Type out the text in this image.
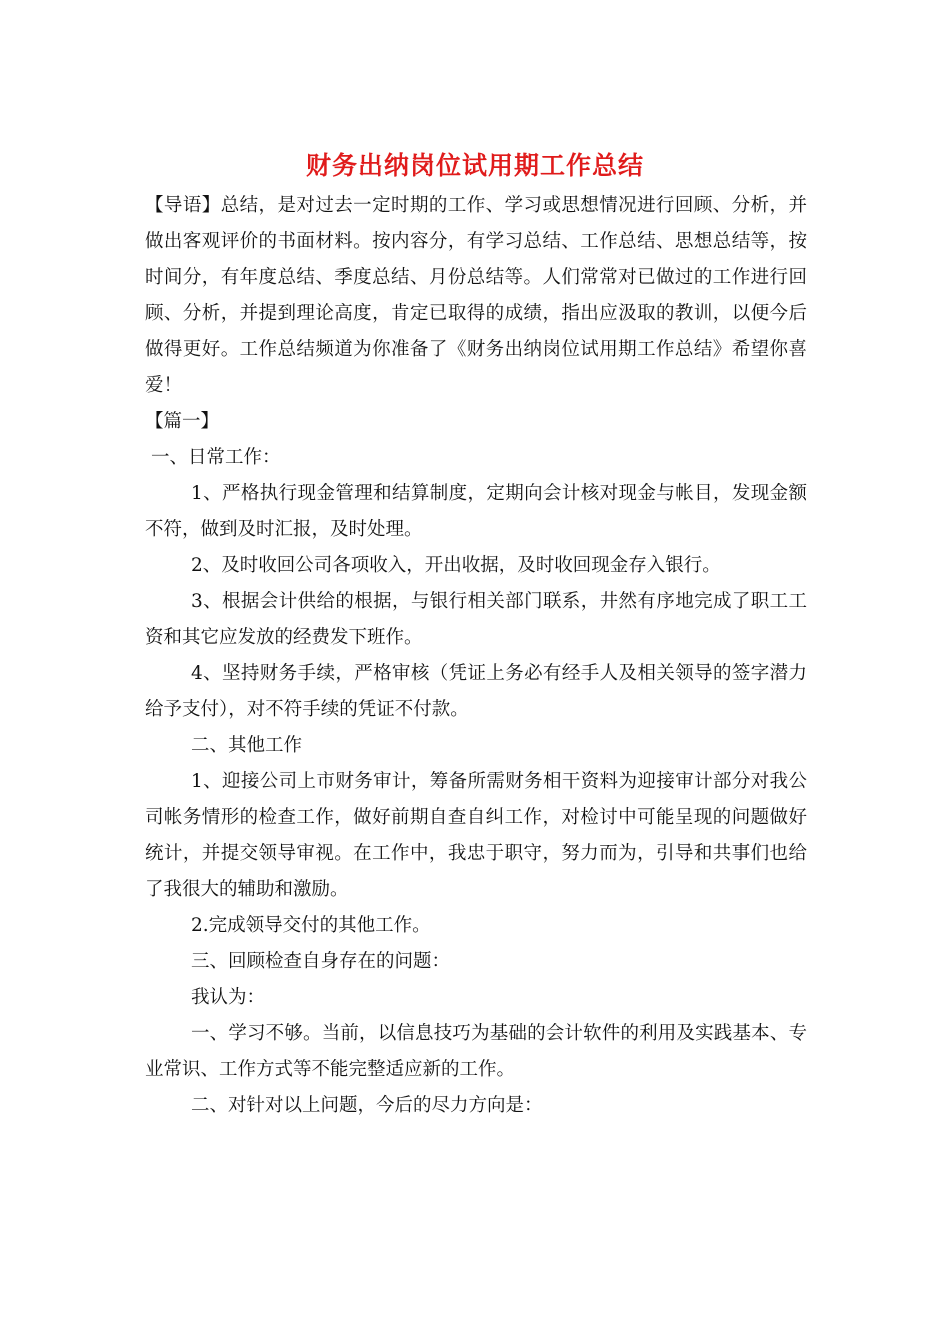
财务出纳岗位试用期工作总结

【导语】总结，是对过去一定时期的工作、学习或思想情况进行回顾、分析，并做出客观评价的书面材料。按内容分，有学习总结、工作总结、思想总结等，按时间分，有年度总结、季度总结、月份总结等。人们常常对已做过的工作进行回顾、分析，并提到理论高度，肯定已取得的成绩，指出应汲取的教训，以便今后做得更好。工作总结频道为你准备了《财务出纳岗位试用期工作总结》希望你喜爱！

【篇一】

一、日常工作：

1、严格执行现金管理和结算制度，定期向会计核对现金与帐目，发现金额不符，做到及时汇报，及时处理。

2、及时收回公司各项收入，开出收据，及时收回现金存入银行。

3、根据会计供给的根据，与银行相关部门联系，井然有序地完成了职工工资和其它应发放的经费发下班作。

4、坚持财务手续，严格审核（凭证上务必有经手人及相关领导的签字潜力给予支付），对不符手续的凭证不付款。

二、其他工作

1、迎接公司上市财务审计，筹备所需财务相干资料为迎接审计部分对我公司帐务情形的检查工作，做好前期自查自纠工作，对检讨中可能呈现的问题做好统计，并提交领导审视。在工作中，我忠于职守，努力而为，引导和共事们也给了我很大的辅助和激励。

2.完成领导交付的其他工作。

三、回顾检查自身存在的问题：

我认为：

一、学习不够。当前，以信息技巧为基础的会计软件的利用及实践基本、专业常识、工作方式等不能完整适应新的工作。

二、对针对以上问题，今后的尽力方向是：
